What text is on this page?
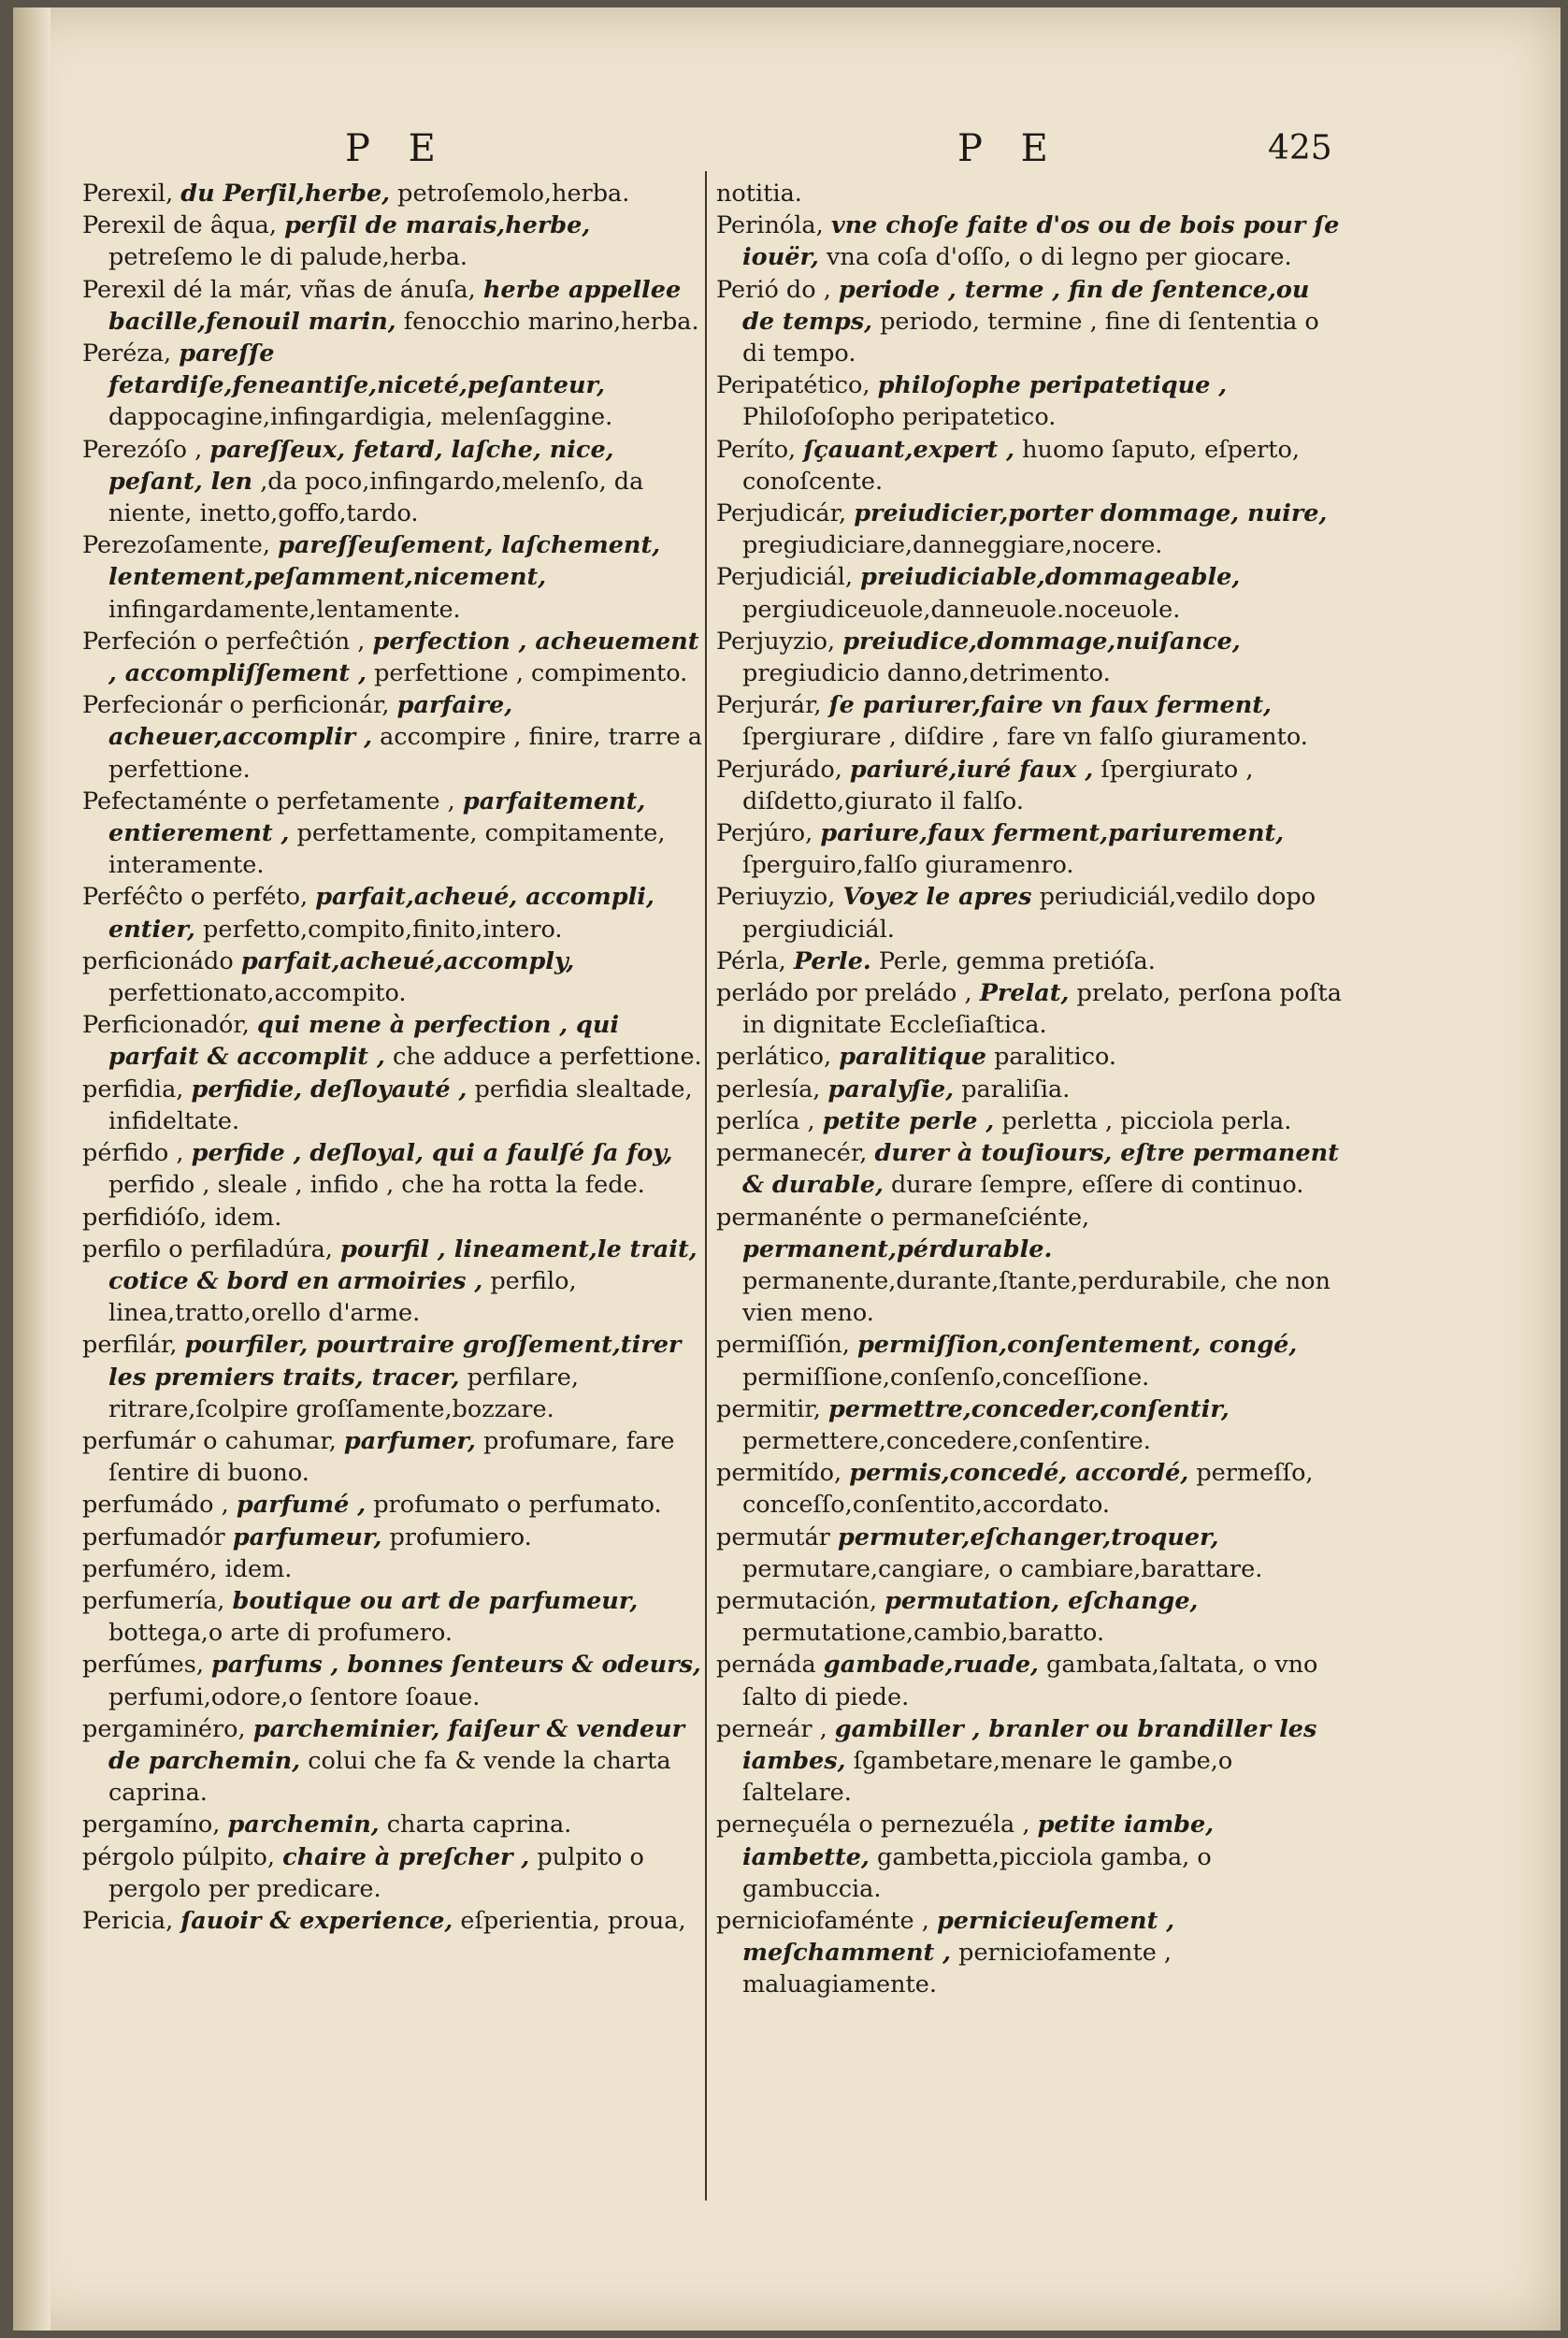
P E	P E	425

Perexil, du Perſil,herbe, petroſemolo,herba.

Perexil de âqua, perſil de marais,herbe, petreſemo le di palude,herba.

Perexil dé la már, vñas de ánuſa, herbe appellee bacille,fenouil marin, fenocchio marino,herba.

Peréza, pareſſe fetardiſe,feneantiſe,niceté,peſanteur, dappocagine,infingardigia, melenſaggine.

Perezóſo , pareſſeux, fetard, laſche, nice, peſant, len ,da poco,infingardo,melenſo, da niente, inetto,goffo,tardo.

Perezoſamente, pareſſeuſement, laſchement, lentement,peſamment,nicement, infingardamente,lentamente.

Perfeción o perfeĉtión , perfection , acheuement , accompliſſement , perfettione , compimento.

Perfecionár o perficionár, parfaire, acheuer,accomplir , accompire , finire, trarre a perfettione.

Pefectaménte o perfetamente , parfaitement, entierement , perfettamente, compitamente, interamente.

Perféĉto o perféto, parfait,acheué, accompli, entier, perfetto,compito,finito,intero.

perficionádo parfait,acheué,accomply, perfettionato,accompito.

Perficionadór, qui mene à perfection , qui parfait & accomplit , che adduce a perfettione.

perfidia, perfidie, deſloyauté , perfidia slealtade, infideltate.

pérfido , perfide , deſloyal, qui a faulſé ſa foy, perfido , sleale , infido , che ha rotta la fede.

perfidióſo, idem.

perfilo o perfiladúra, pourfil , lineament,le trait, cotice & bord en armoiries , perfilo, linea,tratto,orello d'arme.

perfilár, pourfiler, pourtraire groſſement,tirer les premiers traits, tracer, perfilare, ritrare,ſcolpire groſſamente,bozzare.

perfumár o cahumar, parfumer, profumare, fare ſentire di buono.

perfumádo , parfumé , profumato o perfumato.

perfumadór parfumeur, profumiero.

perfuméro, idem.

perfumería, boutique ou art de parfumeur, bottega,o arte di profumero.

perfúmes, parfums , bonnes ſenteurs & odeurs, perfumi,odore,o ſentore ſoaue.

pergaminéro, parcheminier, faiſeur & vendeur de parchemin, colui che fa & vende la charta caprina.

pergamíno, parchemin, charta caprina.

pérgolo púlpito, chaire à preſcher , pulpito o pergolo per predicare.

Pericia, ſauoir & experience, eſperientia, proua,

notitia.

Perinóla, vne choſe faite d'os ou de bois pour ſe iouër, vna coſa d'oſſo, o di legno per giocare.

Perió do , periode , terme , fin de ſentence,ou de temps, periodo, termine , fine di ſententia o di tempo.

Peripatético, philoſophe peripatetique , Philoſoſopho peripatetico.

Períto, ſçauant,expert , huomo ſaputo, eſperto, conoſcente.

Perjudicár, preiudicier,porter dommage, nuire, pregiudiciare,danneggiare,nocere.

Perjudiciál, preiudiciable,dommageable, pergiudiceuole,danneuole.noceuole.

Perjuyzio, preiudice,dommage,nuiſance, pregiudicio danno,detrimento.

Perjurár, ſe pariurer,faire vn faux ferment, ſpergiurare , diſdire , fare vn falſo giuramento.

Perjurádo, pariuré,iuré faux , ſpergiurato , diſdetto,giurato il falſo.

Perjúro, pariure,faux ferment,pariurement, ſperguiro,falſo giuramenro.

Periuyzio, Voyez le apres periudiciál,vedilo dopo pergiudiciál.

Pérla, Perle. Perle, gemma pretióſa.

perládo por preládo , Prelat, prelato, perſona poſta in dignitate Eccleſiaſtica.

perlático, paralitique paralitico.

perlesía, paralyſie, paraliſia.

perlíca , petite perle , perletta , picciola perla.

permanecér, durer à touſiours, eſtre permanent & durable, durare ſempre, eſſere di continuo.

permanénte o permaneſciénte, permanent,pérdurable. permanente,durante,ſtante,perdurabile, che non vien meno.

permiſſión, permiſſion,conſentement, congé, permiſſione,conſenſo,conceſſione.

permitir, permettre,conceder,conſentir, permettere,concedere,conſentire.

permitído, permis,concedé, accordé, permeſſo, conceſſo,conſentito,accordato.

permutár permuter,eſchanger,troquer, permutare,cangiare, o cambiare,barattare.

permutación, permutation, eſchange, permutatione,cambio,baratto.

pernáda gambade,ruade, gambata,ſaltata, o vno ſalto di piede.

perneár , gambiller , branler ou brandiller les iambes, ſgambetare,menare le gambe,o ſaltelare.

perneçuéla o pernezuéla , petite iambe, iambette, gambetta,picciola gamba, o gambuccia.

perniciofaménte , pernicieuſement , meſchamment , perniciofamente , maluagiamente.
